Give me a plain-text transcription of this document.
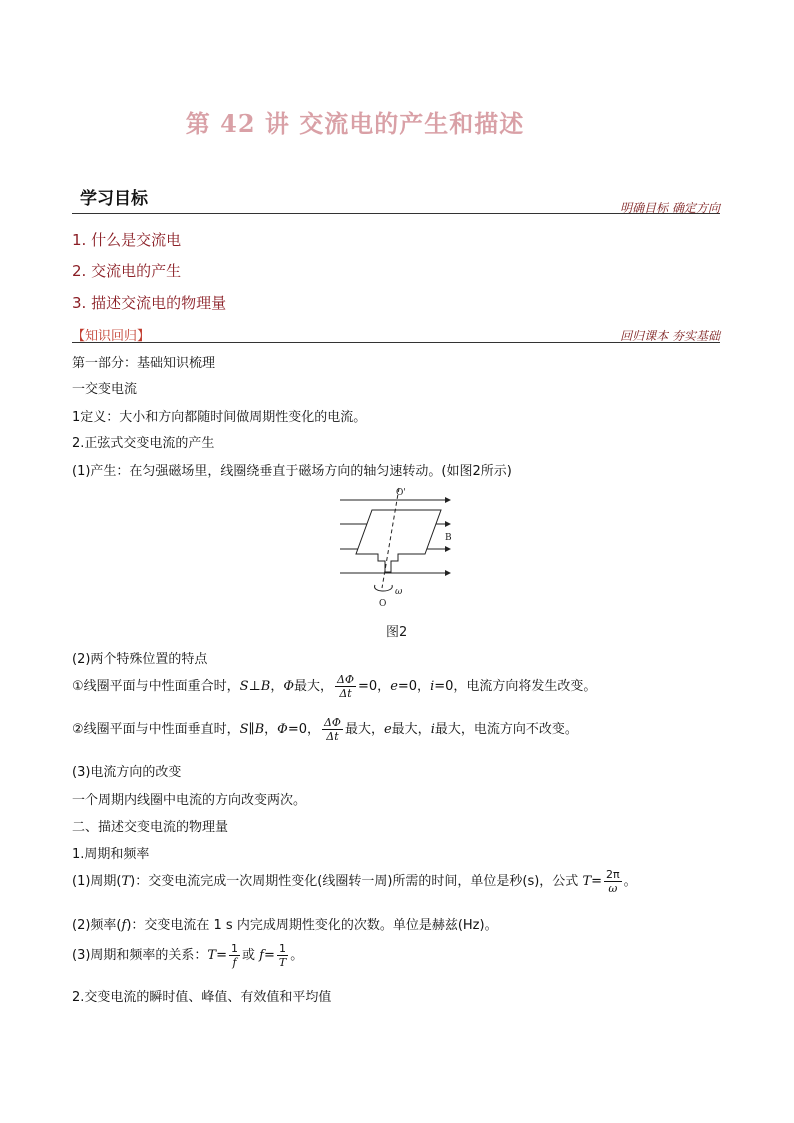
第 42 讲 交流电的产生和描述
学习目标	明确目标 确定方向
1. 什么是交流电
2. 交流电的产生
3. 描述交流电的物理量
【知识回归】	回归课本 夯实基础
第一部分：基础知识梳理
一交变电流
1定义：大小和方向都随时间做周期性变化的电流。
2.正弦式交变电流的产生
(1)产生：在匀强磁场里，线圈绕垂直于磁场方向的轴匀速转动。(如图2所示)
O'
B
ω
O
图2
(2)两个特殊位置的特点
①线圈平面与中性面重合时，S⊥B，Φ最大， $\frac{\Delta\Phi}{\Delta t} =0$，e=0，i=0，电流方向将发生改变。
②线圈平面与中性面垂直时，S∥B，Φ=0， $\frac{\Delta\Phi}{\Delta t}$ 最大，e最大，i最大，电流方向不改变。
(3)电流方向的改变
一个周期内线圈中电流的方向改变两次。
二、描述交变电流的物理量
1.周期和频率
(1)周期(T)：交变电流完成一次周期性变化(线圈转一周)所需的时间，单位是秒(s)，公式 $T= \frac{2\pi}{\omega}$ 。
(2)频率(f)：交变电流在 1 s 内完成周期性变化的次数。单位是赫兹(Hz)。
(3)周期和频率的关系：$T= \frac{1}{f}$ 或 $f= \frac{1}{T}$ 。
2.交变电流的瞬时值、峰值、有效值和平均值
